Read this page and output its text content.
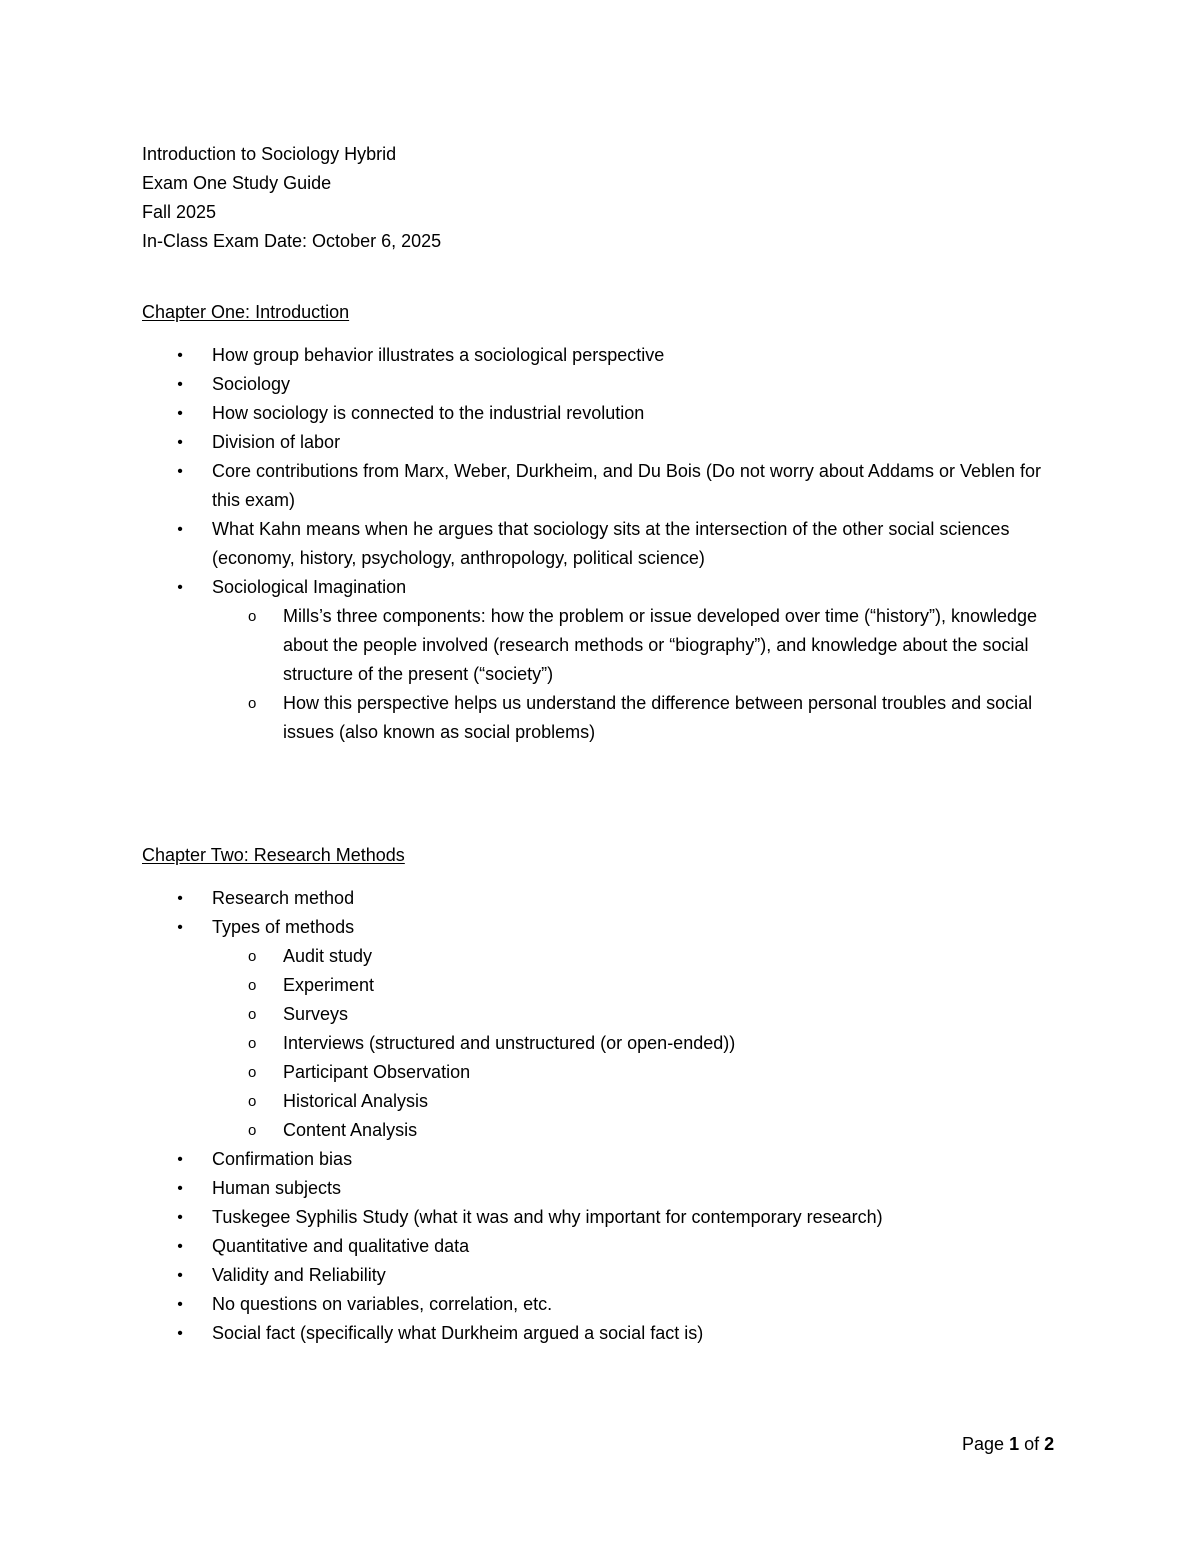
Introduction to Sociology Hybrid
Exam One Study Guide
Fall 2025
In-Class Exam Date: October 6, 2025
Chapter One: Introduction
• How group behavior illustrates a sociological perspective
• Sociology
• How sociology is connected to the industrial revolution
• Division of labor
• Core contributions from Marx, Weber, Durkheim, and Du Bois (Do not worry about Addams or Veblen for this exam)
• What Kahn means when he argues that sociology sits at the intersection of the other social sciences (economy, history, psychology, anthropology, political science)
• Sociological Imagination
o Mills’s three components: how the problem or issue developed over time (“history”), knowledge about the people involved (research methods or “biography”), and knowledge about the social structure of the present (“society”)
o How this perspective helps us understand the difference between personal troubles and social issues (also known as social problems)
Chapter Two: Research Methods
• Research method
• Types of methods
o Audit study
o Experiment
o Surveys
o Interviews (structured and unstructured (or open-ended))
o Participant Observation
o Historical Analysis
o Content Analysis
• Confirmation bias
• Human subjects
• Tuskegee Syphilis Study (what it was and why important for contemporary research)
• Quantitative and qualitative data
• Validity and Reliability
• No questions on variables, correlation, etc.
• Social fact (specifically what Durkheim argued a social fact is)
Page 1 of 2
